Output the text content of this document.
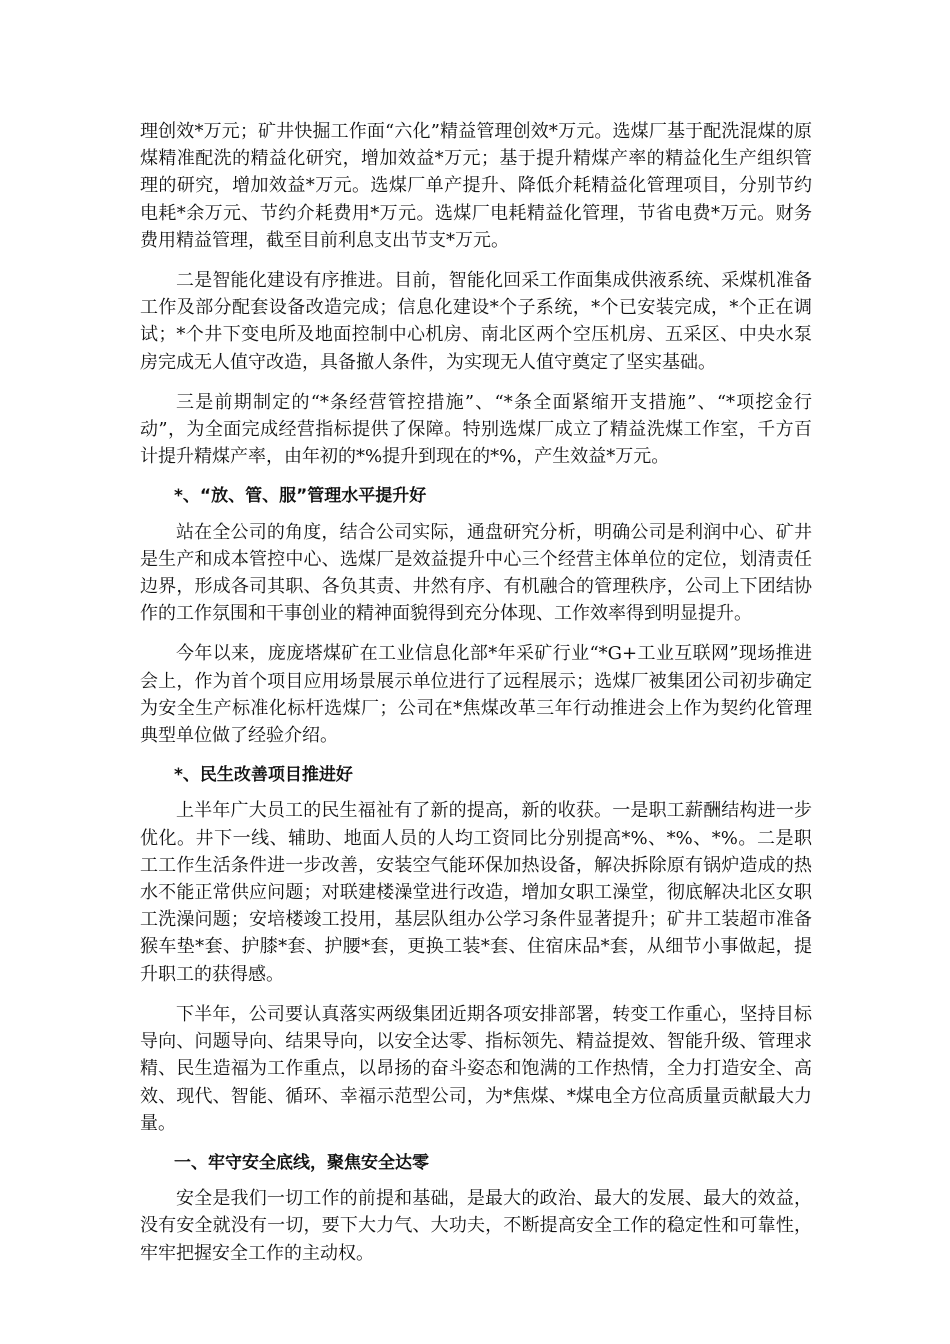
理创效*万元；矿井快掘工作面“六化”精益管理创效*万元。选煤厂基于配洗混煤的原煤精准配洗的精益化研究，增加效益*万元；基于提升精煤产率的精益化生产组织管理的研究，增加效益*万元。选煤厂单产提升、降低介耗精益化管理项目，分别节约电耗*余万元、节约介耗费用*万元。选煤厂电耗精益化管理，节省电费*万元。财务费用精益管理，截至目前利息支出节支*万元。

二是智能化建设有序推进。目前，智能化回采工作面集成供液系统、采煤机准备工作及部分配套设备改造完成；信息化建设*个子系统，*个已安装完成，*个正在调试；*个井下变电所及地面控制中心机房、南北区两个空压机房、五采区、中央水泵房完成无人值守改造，具备撤人条件，为实现无人值守奠定了坚实基础。

三是前期制定的“*条经营管控措施”、“*条全面紧缩开支措施”、“*项挖金行动”，为全面完成经营指标提供了保障。特别选煤厂成立了精益洗煤工作室，千方百计提升精煤产率，由年初的*%提升到现在的*%，产生效益*万元。

*、“放、管、服”管理水平提升好

站在全公司的角度，结合公司实际，通盘研究分析，明确公司是利润中心、矿井是生产和成本管控中心、选煤厂是效益提升中心三个经营主体单位的定位，划清责任边界，形成各司其职、各负其责、井然有序、有机融合的管理秩序，公司上下团结协作的工作氛围和干事创业的精神面貌得到充分体现、工作效率得到明显提升。

今年以来，庞庞塔煤矿在工业信息化部*年采矿行业“*G+工业互联网”现场推进会上，作为首个项目应用场景展示单位进行了远程展示；选煤厂被集团公司初步确定为安全生产标准化标杆选煤厂；公司在*焦煤改革三年行动推进会上作为契约化管理典型单位做了经验介绍。

*、民生改善项目推进好

上半年广大员工的民生福祉有了新的提高，新的收获。一是职工薪酬结构进一步优化。井下一线、辅助、地面人员的人均工资同比分别提高*%、*%、*%。二是职工工作生活条件进一步改善，安装空气能环保加热设备，解决拆除原有锅炉造成的热水不能正常供应问题；对联建楼澡堂进行改造，增加女职工澡堂，彻底解决北区女职工洗澡问题；安培楼竣工投用，基层队组办公学习条件显著提升；矿井工装超市准备猴车垫*套、护膝*套、护腰*套，更换工装*套、住宿床品*套，从细节小事做起，提升职工的获得感。

下半年，公司要认真落实两级集团近期各项安排部署，转变工作重心，坚持目标导向、问题导向、结果导向，以安全达零、指标领先、精益提效、智能升级、管理求精、民生造福为工作重点，以昂扬的奋斗姿态和饱满的工作热情，全力打造安全、高效、现代、智能、循环、幸福示范型公司，为*焦煤、*煤电全方位高质量贡献最大力量。

一、牢守安全底线，聚焦安全达零

安全是我们一切工作的前提和基础，是最大的政治、最大的发展、最大的效益，没有安全就没有一切，要下大力气、大功夫，不断提高安全工作的稳定性和可靠性，牢牢把握安全工作的主动权。
